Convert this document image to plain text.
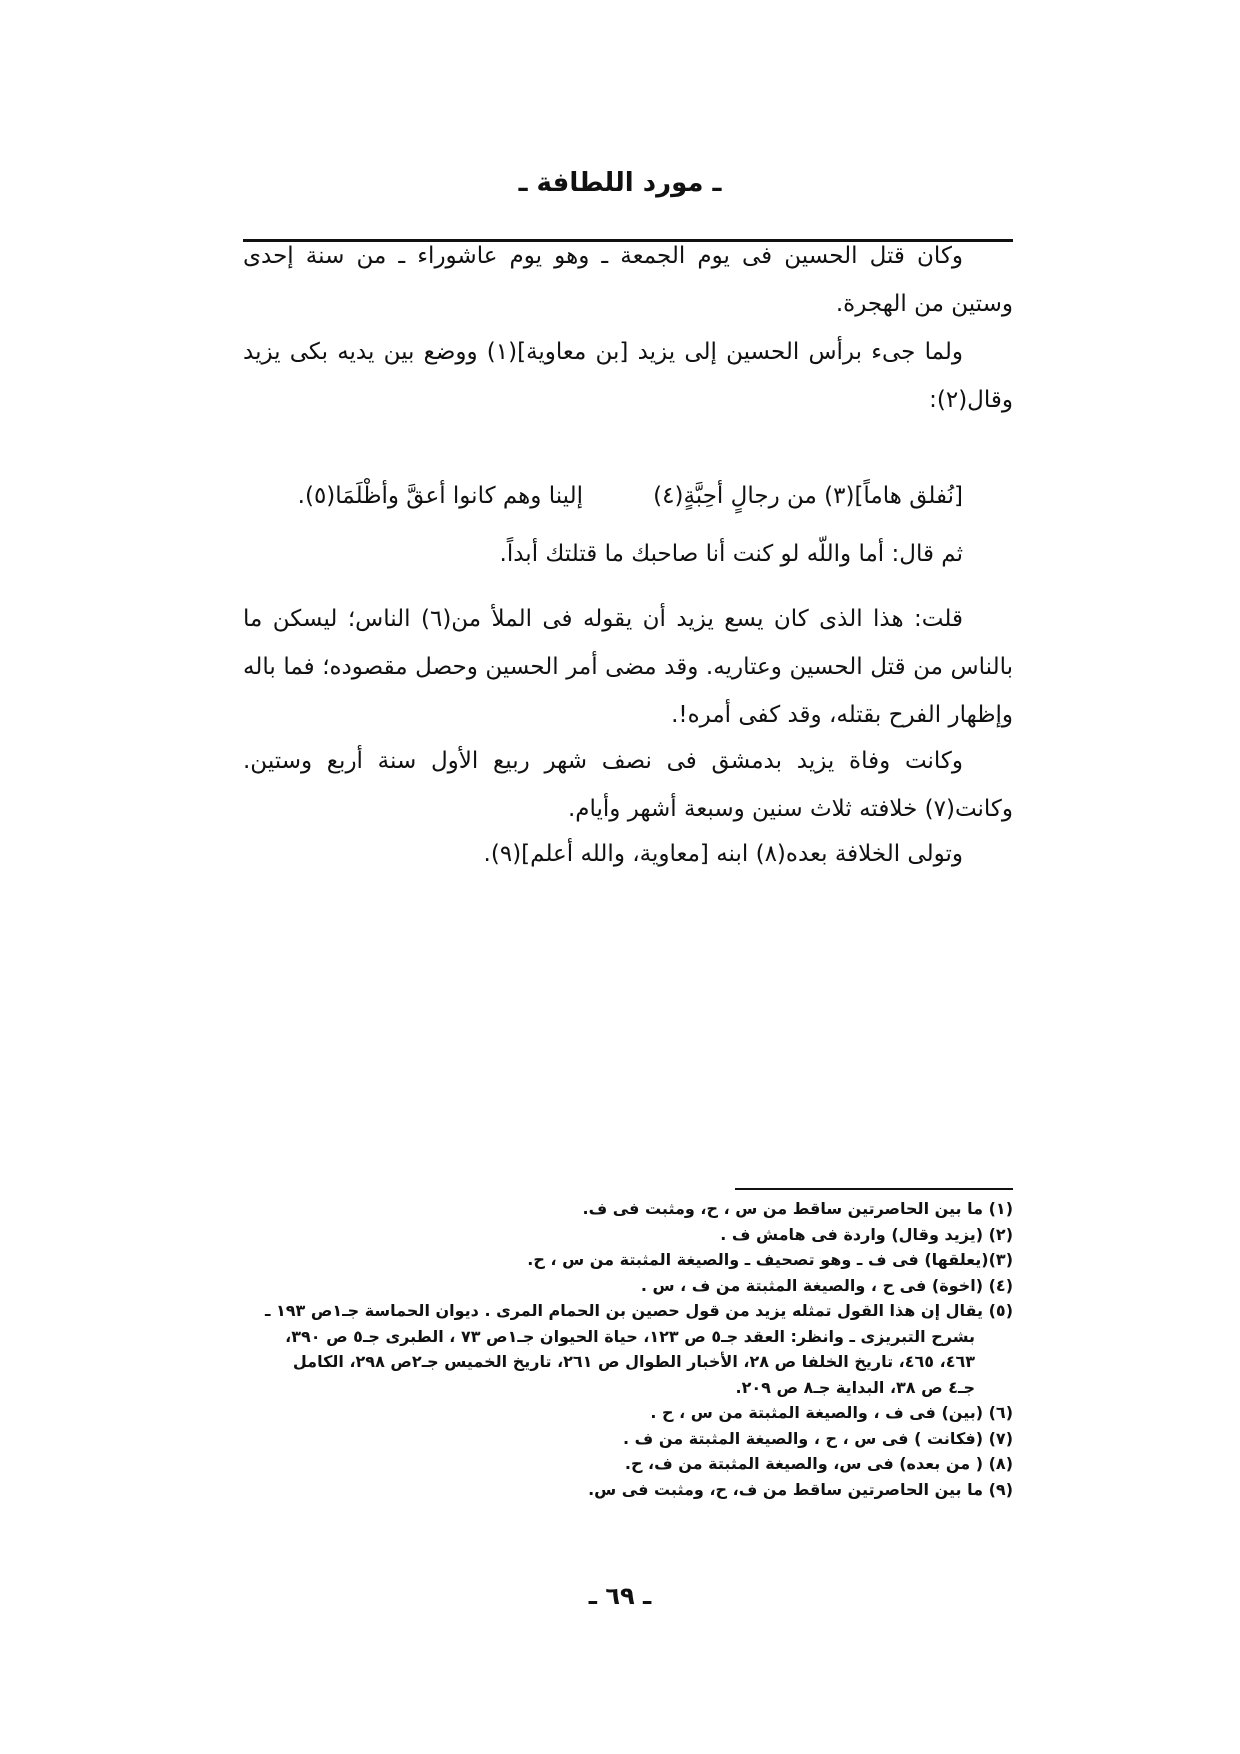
ـ مورد اللطافة ـ

وكان قتل الحسين فى يوم الجمعة ـ وهو يوم عاشوراء ـ من سنة إحدى وستين من الهجرة.

ولما جىء برأس الحسين إلى يزيد [بن معاوية](١) ووضع بين يديه بكى يزيد وقال(٢):

[نُفلق هاماً](٣) من رجالٍ أحِبَّةٍ(٤)
إلينا وهم كانوا أعقَّ وأظْلَمَا(٥).

ثم قال: أما واللّه لو كنت أنا صاحبك ما قتلتك أبداً.

قلت: هذا الذى كان يسع يزيد أن يقوله فى الملأ من(٦) الناس؛ ليسكن ما بالناس من قتل الحسين وعتاريه. وقد مضى أمر الحسين وحصل مقصوده؛ فما باله وإظهار الفرح بقتله، وقد كفى أمره!.

وكانت وفاة يزيد بدمشق فى نصف شهر ربيع الأول سنة أربع وستين. وكانت(٧) خلافته ثلاث سنين وسبعة أشهر وأيام.

وتولى الخلافة بعده(٨) ابنه [معاوية، والله أعلم](٩).

(١) ما بين الحاصرتين ساقط من س ، ح، ومثبت فى ف.
(٢) (يزيد وقال) واردة فى هامش ف .
(٣)(يعلقها) فى ف ـ وهو تصحيف ـ والصيغة المثبتة من س ، ح.
(٤) (اخوة) فى ح ، والصيغة المثبتة من ف ، س .
(٥) يقال إن هذا القول تمثله يزيد من قول حصين بن الحمام المرى . ديوان الحماسة جـ١ص ١٩٣ ـ
بشرح التبريزى ـ وانظر: العقد جـ٥ ص ١٢٣، حياة الحيوان جـ١ص ٧٣ ، الطبرى جـ٥ ص ٣٩٠،
٤٦٣، ٤٦٥، تاريخ الخلفا ص ٢٨، الأخبار الطوال ص ٢٦١، تاريخ الخميس جـ٢ص ٢٩٨، الكامل
جـ٤ ص ٣٨، البداية جـ٨ ص ٢٠٩.
(٦) (بين) فى ف ، والصيغة المثبتة من س ، ح .
(٧) (فكانت ) فى س ، ح ، والصيغة المثبتة من ف .
(٨) ( من بعده) فى س، والصيغة المثبتة من ف، ح.
(٩) ما بين الحاصرتين ساقط من ف، ح، ومثبت فى س.
ـ ٦٩ ـ
